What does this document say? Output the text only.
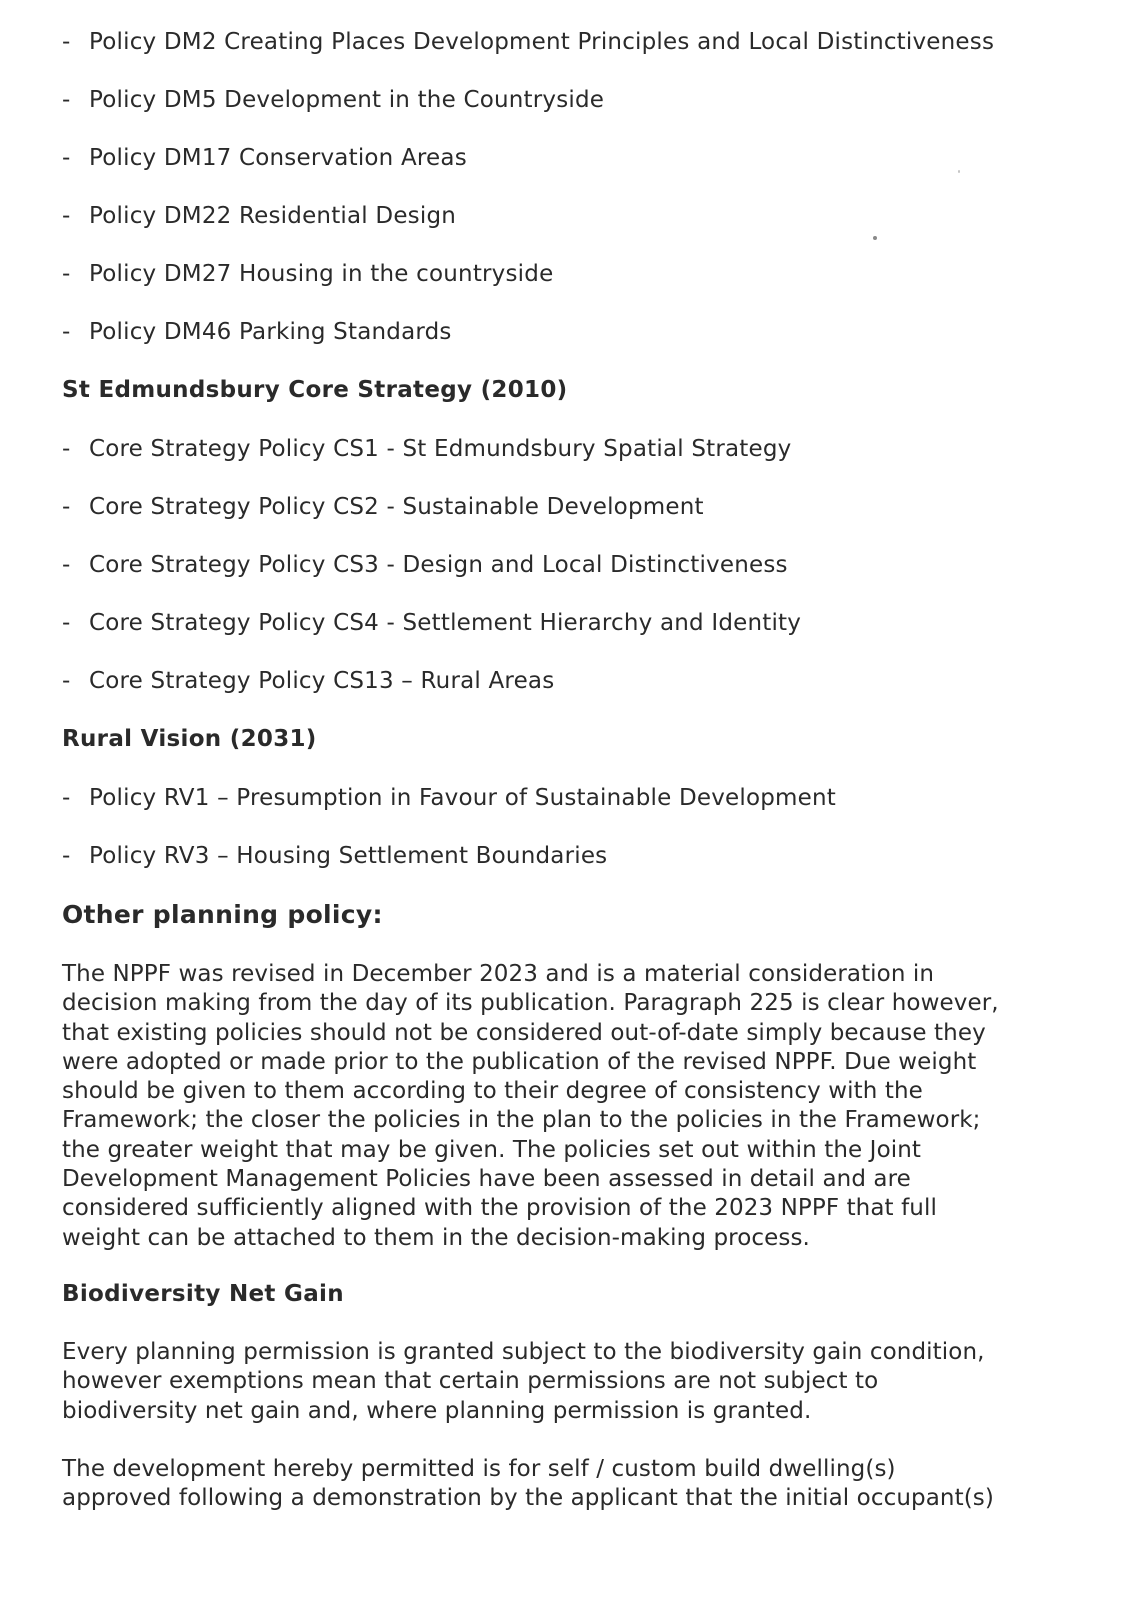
- Policy DM2 Creating Places Development Principles and Local Distinctiveness

- Policy DM5 Development in the Countryside

- Policy DM17 Conservation Areas

- Policy DM22 Residential Design

- Policy DM27 Housing in the countryside

- Policy DM46 Parking Standards

St Edmundsbury Core Strategy (2010)

- Core Strategy Policy CS1 - St Edmundsbury Spatial Strategy

- Core Strategy Policy CS2 - Sustainable Development

- Core Strategy Policy CS3 - Design and Local Distinctiveness

- Core Strategy Policy CS4 - Settlement Hierarchy and Identity

- Core Strategy Policy CS13 – Rural Areas

Rural Vision (2031)

- Policy RV1 – Presumption in Favour of Sustainable Development

- Policy RV3 – Housing Settlement Boundaries

Other planning policy:
The NPPF was revised in December 2023 and is a material consideration in
decision making from the day of its publication. Paragraph 225 is clear however,
that existing policies should not be considered out-of-date simply because they
were adopted or made prior to the publication of the revised NPPF. Due weight
should be given to them according to their degree of consistency with the
Framework; the closer the policies in the plan to the policies in the Framework;
the greater weight that may be given. The policies set out within the Joint
Development Management Policies have been assessed in detail and are
considered sufficiently aligned with the provision of the 2023 NPPF that full
weight can be attached to them in the decision-making process.
Biodiversity Net Gain
Every planning permission is granted subject to the biodiversity gain condition,
however exemptions mean that certain permissions are not subject to
biodiversity net gain and, where planning permission is granted.
The development hereby permitted is for self / custom build dwelling(s)
approved following a demonstration by the applicant that the initial occupant(s)
